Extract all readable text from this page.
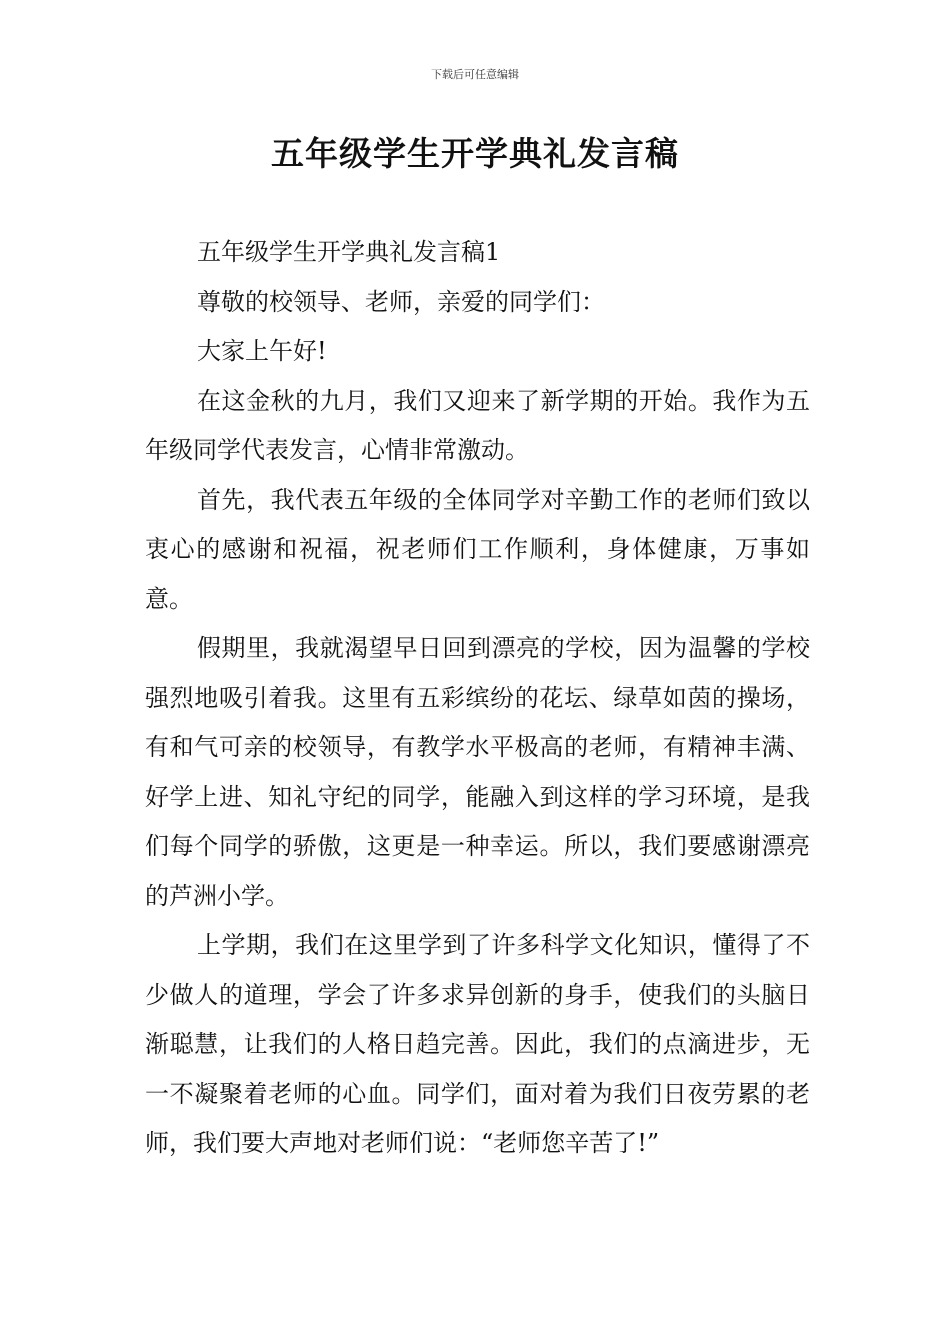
下载后可任意编辑
五年级学生开学典礼发言稿

五年级学生开学典礼发言稿1

尊敬的校领导、老师，亲爱的同学们：

大家上午好!

在这金秋的九月，我们又迎来了新学期的开始。我作为五年级同学代表发言，心情非常激动。

首先，我代表五年级的全体同学对辛勤工作的老师们致以衷心的感谢和祝福，祝老师们工作顺利，身体健康，万事如意。

假期里，我就渴望早日回到漂亮的学校，因为温馨的学校强烈地吸引着我。这里有五彩缤纷的花坛、绿草如茵的操场，有和气可亲的校领导，有教学水平极高的老师，有精神丰满、好学上进、知礼守纪的同学，能融入到这样的学习环境，是我们每个同学的骄傲，这更是一种幸运。所以，我们要感谢漂亮的芦洲小学。

上学期，我们在这里学到了许多科学文化知识，懂得了不少做人的道理，学会了许多求异创新的身手，使我们的头脑日渐聪慧，让我们的人格日趋完善。因此，我们的点滴进步，无一不凝聚着老师的心血。同学们，面对着为我们日夜劳累的老师，我们要大声地对老师们说：“老师您辛苦了!”
